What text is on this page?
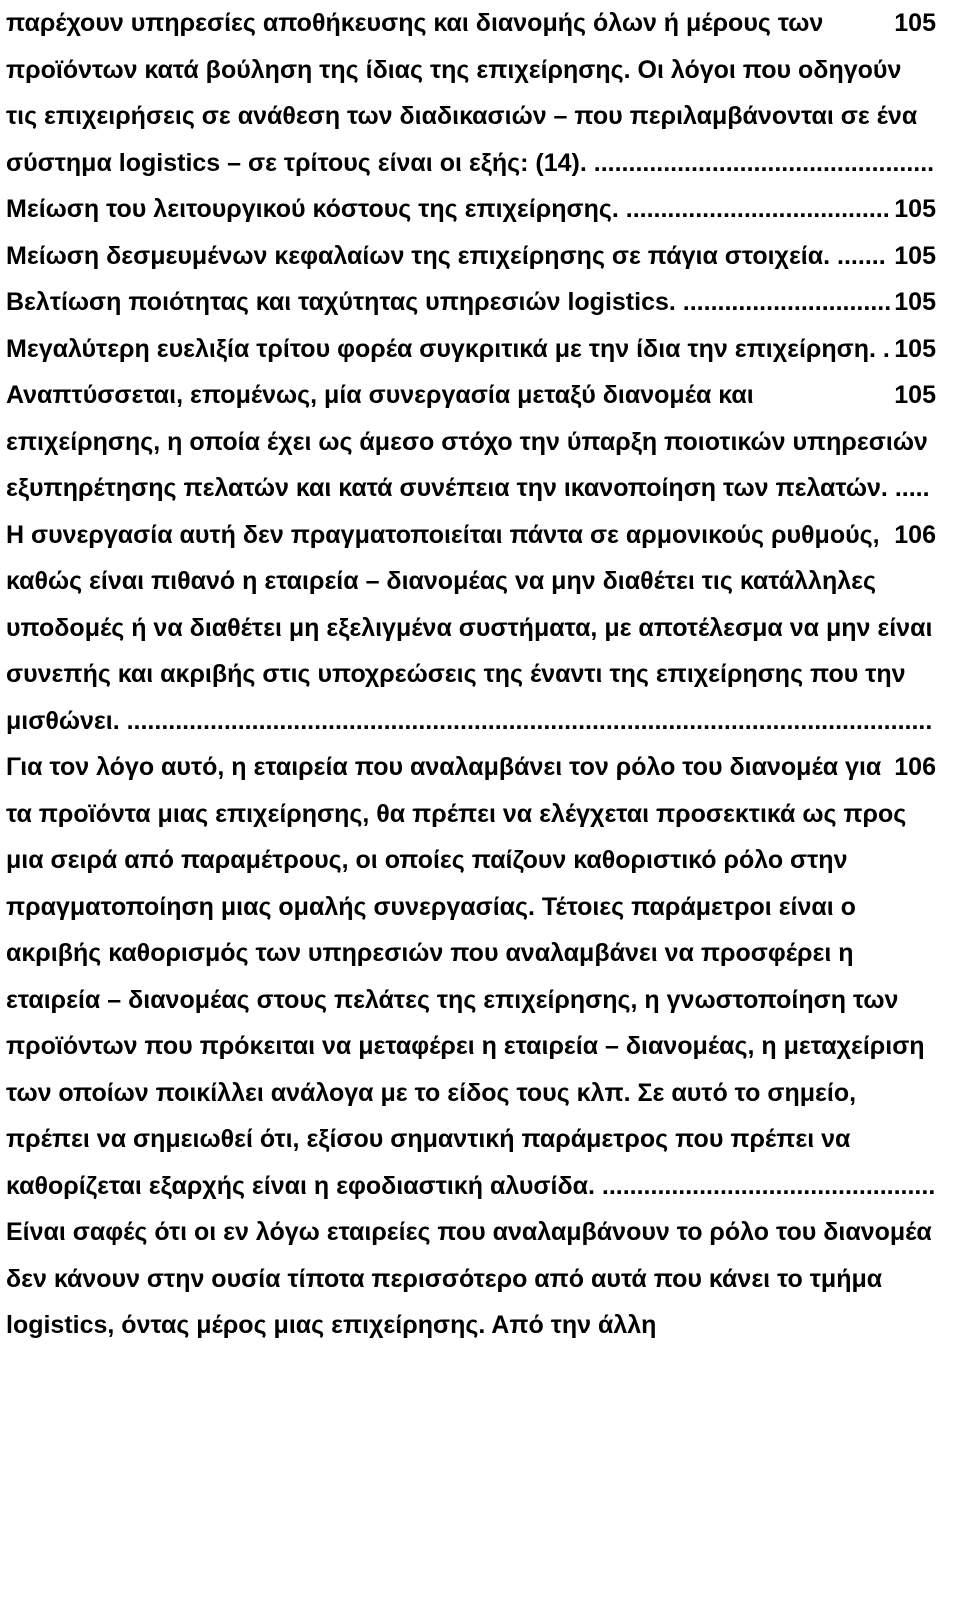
105
παρέχουν υπηρεσίες αποθήκευσης και διανομής όλων ή μέρους των προϊόντων κατά βούληση της ίδιας της επιχείρησης. Οι λόγοι που οδηγούν τις επιχειρήσεις σε ανάθεση των διαδικασιών – που περιλαμβάνονται σε ένα σύστημα logistics – σε τρίτους είναι οι εξής: (14). .................................................

105
Μείωση του λειτουργικού κόστους της επιχείρησης. ......................................

105
Μείωση δεσμευμένων κεφαλαίων της επιχείρησης σε πάγια στοιχεία. .......

105
Βελτίωση ποιότητας και ταχύτητας υπηρεσιών logistics. ..............................

105
Μεγαλύτερη ευελιξία τρίτου φορέα συγκριτικά με την ίδια την επιχείρηση. .

105
Αναπτύσσεται, επομένως, μία συνεργασία μεταξύ διανομέα και επιχείρησης, η οποία έχει ως άμεσο στόχο την ύπαρξη ποιοτικών υπηρεσιών εξυπηρέτησης πελατών και κατά συνέπεια την ικανοποίηση των πελατών. .....

106
Η συνεργασία αυτή δεν πραγματοποιείται πάντα σε αρμονικούς ρυθμούς, καθώς είναι πιθανό η εταιρεία – διανομέας να μην διαθέτει τις κατάλληλες υποδομές ή να διαθέτει μη εξελιγμένα συστήματα, με αποτέλεσμα να μην είναι συνεπής και ακριβής στις υποχρεώσεις της έναντι της επιχείρησης που την μισθώνει. ....................................................................................................................

106
Για τον λόγο αυτό, η εταιρεία που αναλαμβάνει τον ρόλο του διανομέα για τα προϊόντα μιας επιχείρησης, θα πρέπει να ελέγχεται προσεκτικά ως προς μια σειρά από παραμέτρους, οι οποίες παίζουν καθοριστικό ρόλο στην πραγματοποίηση μιας ομαλής συνεργασίας. Τέτοιες παράμετροι είναι ο ακριβής καθορισμός των υπηρεσιών που αναλαμβάνει να προσφέρει η εταιρεία – διανομέας στους πελάτες της επιχείρησης, η γνωστοποίηση των προϊόντων που πρόκειται να μεταφέρει η εταιρεία – διανομέας, η μεταχείριση των οποίων ποικίλλει ανάλογα με το είδος τους κλπ. Σε αυτό το σημείο, πρέπει να σημειωθεί ότι, εξίσου σημαντική παράμετρος που πρέπει να καθορίζεται εξαρχής είναι η εφοδιαστική αλυσίδα. ................................................

Είναι σαφές ότι οι εν λόγω εταιρείες που αναλαμβάνουν το ρόλο του διανομέα δεν κάνουν στην ουσία τίποτα περισσότερο από αυτά που κάνει το τμήμα logistics, όντας μέρος μιας επιχείρησης. Από την άλλη
